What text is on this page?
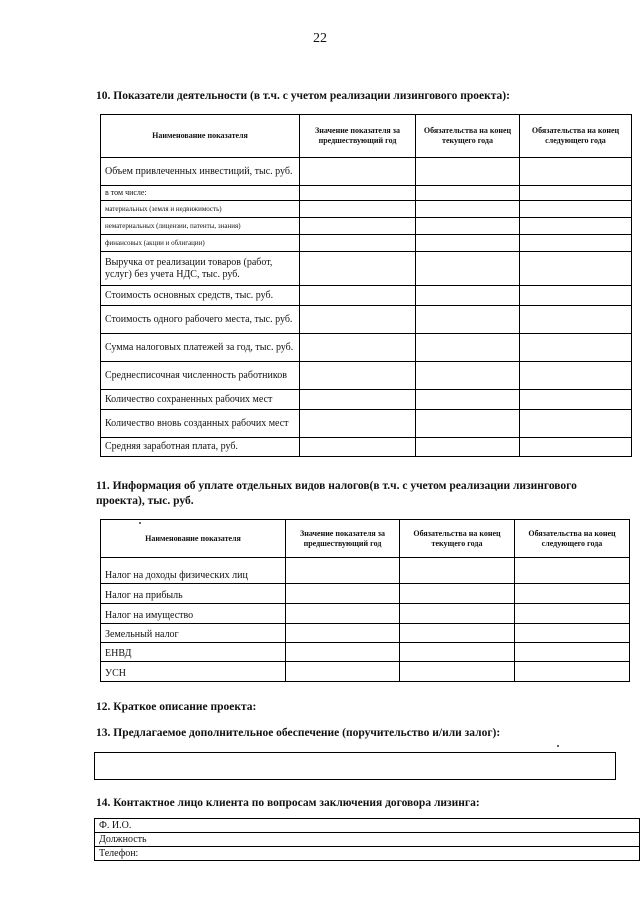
22
10. Показатели деятельности (в т.ч. с учетом реализации лизингового проекта):
Наименование показателя	Значение показателя за предшествующий год	Обязательства на конец текущего года	Обязательства на конец следующего года
Объем привлеченных инвестиций, тыс. руб.			
в том числе:			
материальных (земля и недвижимость)			
нематериальных (лицензии, патенты, знания)			
финансовых (акции и облигации)			
Выручка от реализации товаров (работ, услуг) без учета НДС, тыс. руб.			
Стоимость основных средств, тыс. руб.			
Стоимость одного рабочего места, тыс. руб.			
Сумма налоговых платежей за год, тыс. руб.			
Среднесписочная численность работников			
Количество сохраненных рабочих мест			
Количество вновь созданных рабочих мест			
Средняя заработная плата, руб.			
11. Информация об уплате отдельных видов налогов(в т.ч. с учетом реализации лизингового проекта), тыс. руб.
Наименование показателя	Значение показателя за предшествующий год	Обязательства на конец текущего года	Обязательства на конец следующего года
Налог на доходы физических лиц			
Налог на прибыль			
Налог на имущество			
Земельный налог			
ЕНВД			
УСН			
12. Краткое описание проекта:
13. Предлагаемое дополнительное обеспечение (поручительство и/или залог):
14. Контактное лицо клиента по вопросам заключения договора лизинга:
Ф. И.О.
Должность
Телефон:
